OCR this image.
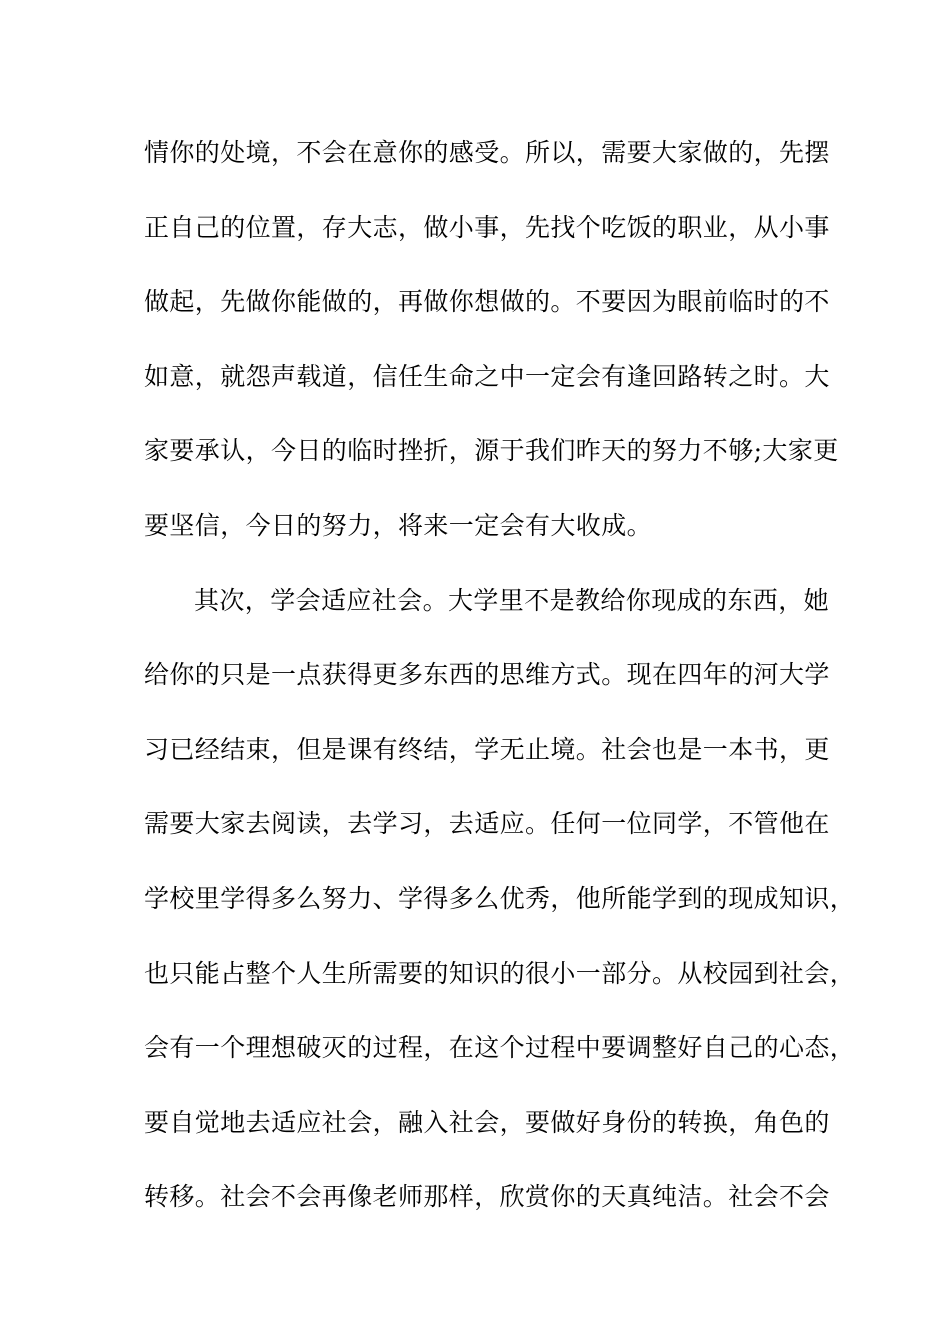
情你的处境，不会在意你的感受。所以，需要大家做的，先摆
正自己的位置，存大志，做小事，先找个吃饭的职业，从小事
做起，先做你能做的，再做你想做的。不要因为眼前临时的不
如意，就怨声载道，信任生命之中一定会有逢回路转之时。大
家要承认，今日的临时挫折，源于我们昨天的努力不够;大家更
要坚信，今日的努力，将来一定会有大收成。
其次，学会适应社会。大学里不是教给你现成的东西，她
给你的只是一点获得更多东西的思维方式。现在四年的河大学
习已经结束，但是课有终结，学无止境。社会也是一本书，更
需要大家去阅读，去学习，去适应。任何一位同学，不管他在
学校里学得多么努力、学得多么优秀，他所能学到的现成知识，
也只能占整个人生所需要的知识的很小一部分。从校园到社会，
会有一个理想破灭的过程，在这个过程中要调整好自己的心态，
要自觉地去适应社会，融入社会，要做好身份的转换，角色的
转移。社会不会再像老师那样，欣赏你的天真纯洁。社会不会
